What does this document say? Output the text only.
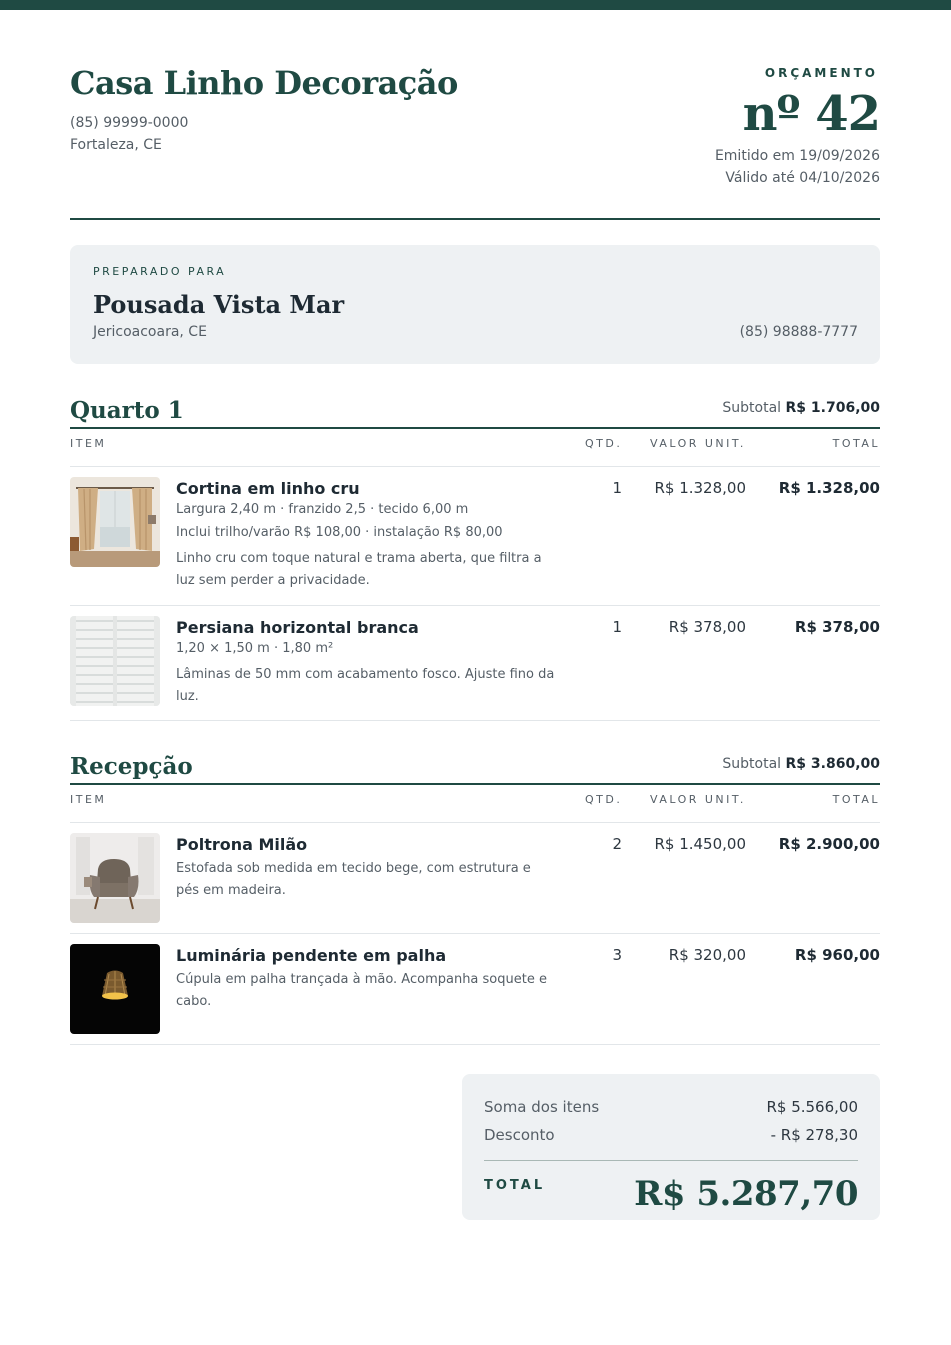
Casa Linho Decoração
(85) 99999-0000
Fortaleza, CE
ORÇAMENTO
nº 42
Emitido em 19/09/2026
Válido até 04/10/2026
PREPARADO PARA
Pousada Vista Mar
Jericoacoara, CE	(85) 98888-7777
Quarto 1	Subtotal R$ 1.706,00
ITEM	QTD.	VALOR UNIT.	TOTAL
Cortina em linho cru
Largura 2,40 m · franzido 2,5 · tecido 6,00 m
Inclui trilho/varão R$ 108,00 · instalação R$ 80,00
Linho cru com toque natural e trama aberta, que filtra a luz sem perder a privacidade.
1 R$ 1.328,00 R$ 1.328,00
Persiana horizontal branca
1,20 × 1,50 m · 1,80 m²
Lâminas de 50 mm com acabamento fosco. Ajuste fino da luz.
1	R$ 378,00	R$ 378,00
Recepção	Subtotal R$ 3.860,00
ITEM	QTD.	VALOR UNIT.	TOTAL
Poltrona Milão
Estofada sob medida em tecido bege, com estrutura e pés em madeira.
2 R$ 1.450,00 R$ 2.900,00
Luminária pendente em palha
Cúpula em palha trançada à mão. Acompanha soquete e cabo.
3	R$ 320,00	R$ 960,00
Soma dos itens	R$ 5.566,00
Desconto	- R$ 278,30
TOTAL	R$ 5.287,70
